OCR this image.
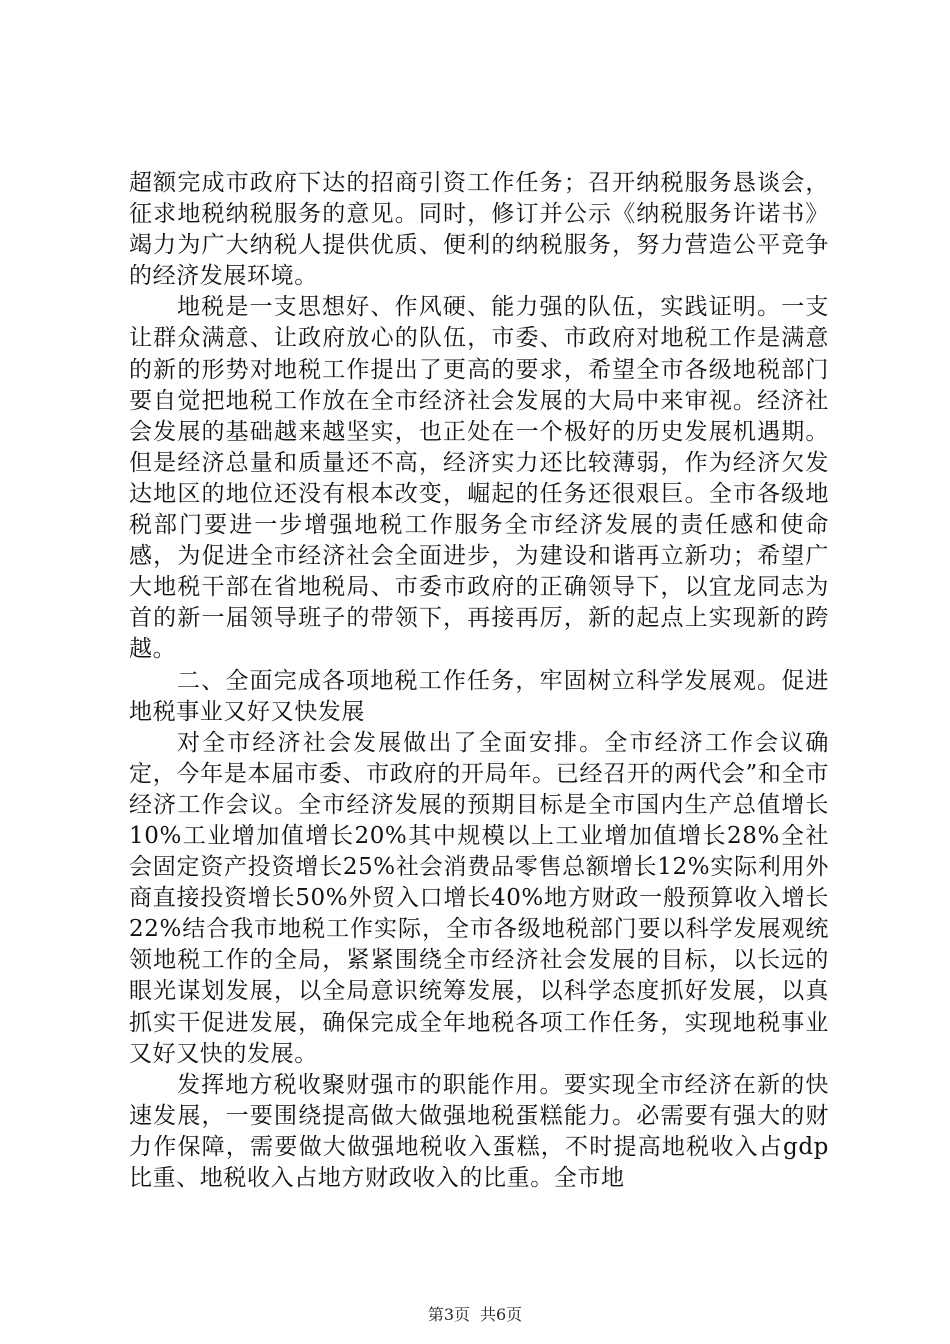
超额完成市政府下达的招商引资工作任务；召开纳税服务恳谈会，征求地税纳税服务的意见。同时，修订并公示《纳税服务许诺书》竭力为广大纳税人提供优质、便利的纳税服务，努力营造公平竞争的经济发展环境。

地税是一支思想好、作风硬、能力强的队伍，实践证明。一支让群众满意、让政府放心的队伍，市委、市政府对地税工作是满意的新的形势对地税工作提出了更高的要求，希望全市各级地税部门要自觉把地税工作放在全市经济社会发展的大局中来审视。经济社会发展的基础越来越坚实，也正处在一个极好的历史发展机遇期。但是经济总量和质量还不高，经济实力还比较薄弱，作为经济欠发达地区的地位还没有根本改变，崛起的任务还很艰巨。全市各级地税部门要进一步增强地税工作服务全市经济发展的责任感和使命感，为促进全市经济社会全面进步，为建设和谐再立新功；希望广大地税干部在省地税局、市委市政府的正确领导下，以宜龙同志为首的新一届领导班子的带领下，再接再厉，新的起点上实现新的跨越。

二、全面完成各项地税工作任务，牢固树立科学发展观。促进地税事业又好又快发展

对全市经济社会发展做出了全面安排。全市经济工作会议确定，今年是本届市委、市政府的开局年。已经召开的两代会”和全市经济工作会议。全市经济发展的预期目标是全市国内生产总值增长10%工业增加值增长20%其中规模以上工业增加值增长28%全社会固定资产投资增长25%社会消费品零售总额增长12%实际利用外商直接投资增长50%外贸入口增长40%地方财政一般预算收入增长22%结合我市地税工作实际，全市各级地税部门要以科学发展观统领地税工作的全局，紧紧围绕全市经济社会发展的目标，以长远的眼光谋划发展，以全局意识统筹发展，以科学态度抓好发展，以真抓实干促进发展，确保完成全年地税各项工作任务，实现地税事业又好又快的发展。

发挥地方税收聚财强市的职能作用。要实现全市经济在新的快速发展，一要围绕提高做大做强地税蛋糕能力。必需要有强大的财力作保障，需要做大做强地税收入蛋糕，不时提高地税收入占gdp比重、地税收入占地方财政收入的比重。全市地

第3页 共6页
